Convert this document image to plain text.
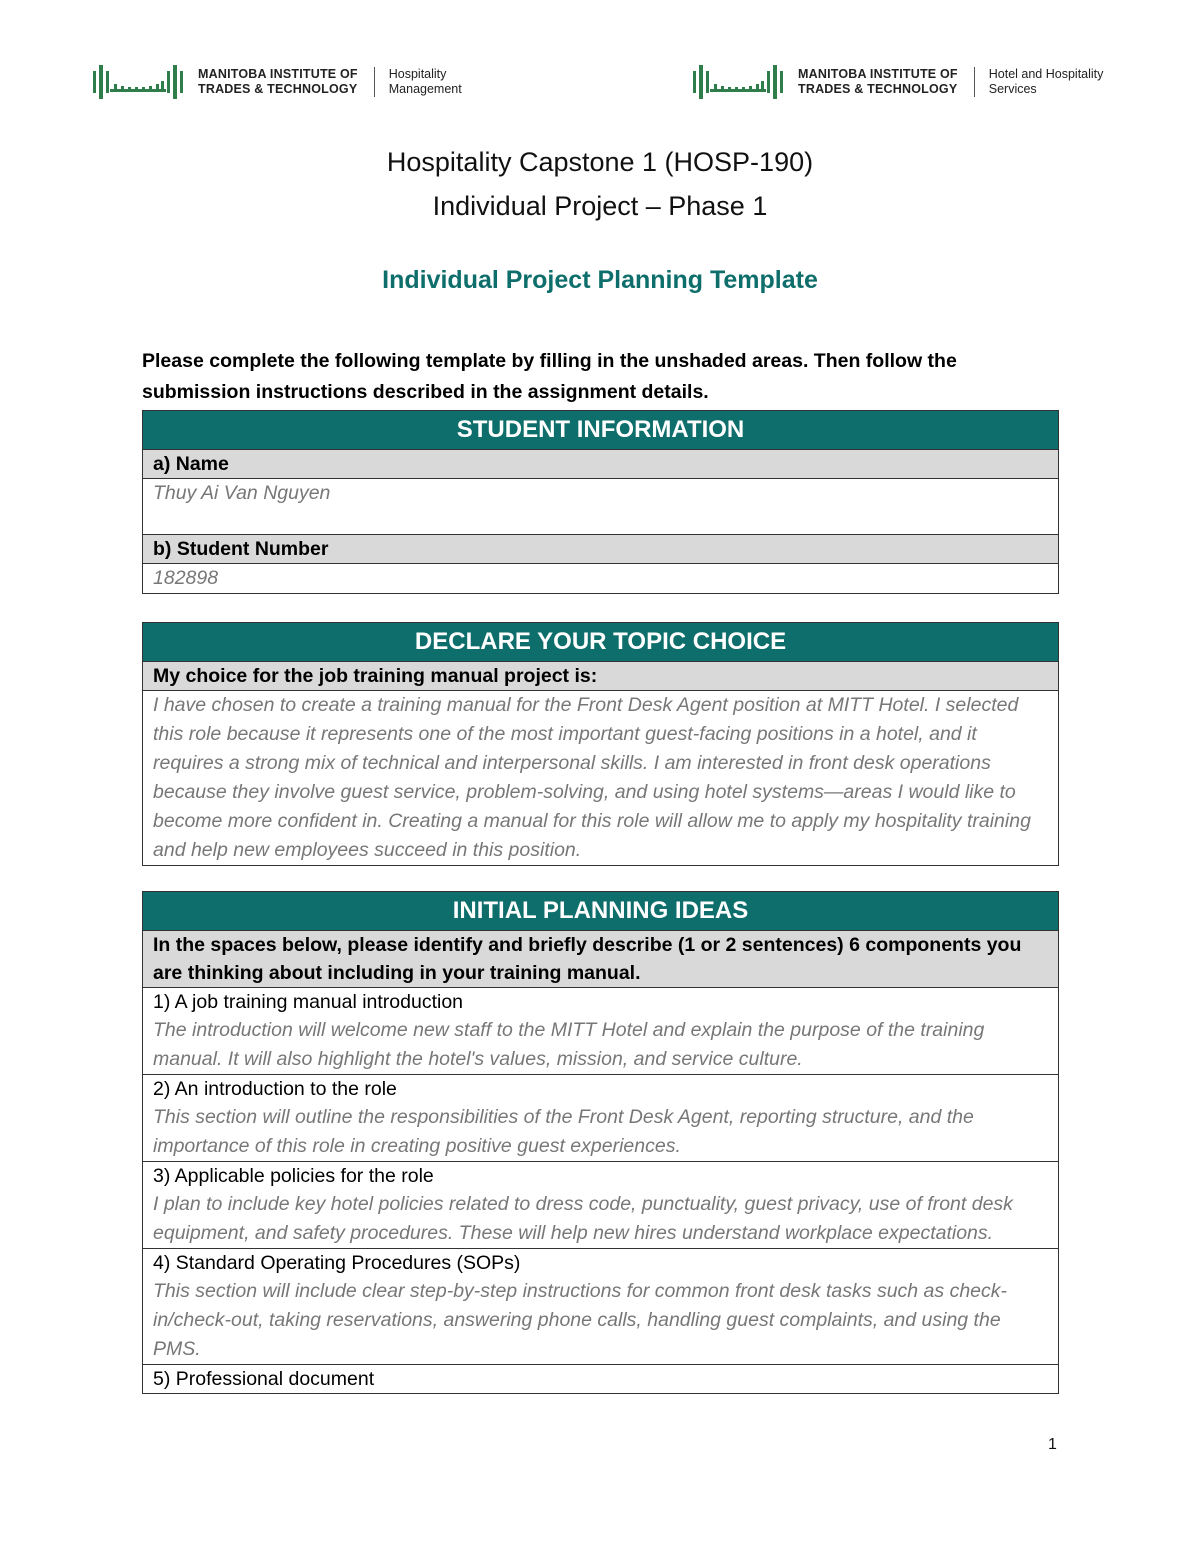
MANITOBA INSTITUTE OF
TRADES & TECHNOLOGY
Hospitality
Management
MANITOBA INSTITUTE OF
TRADES & TECHNOLOGY
Hotel and Hospitality
Services
Hospitality Capstone 1 (HOSP-190)
Individual Project – Phase 1
Individual Project Planning Template
Please complete the following template by filling in the unshaded areas. Then follow the submission instructions described in the assignment details.
STUDENT INFORMATION
a) Name
Thuy Ai Van Nguyen
b) Student Number
182898
DECLARE YOUR TOPIC CHOICE
My choice for the job training manual project is:
I have chosen to create a training manual for the Front Desk Agent position at MITT Hotel. I selected this role because it represents one of the most important guest-facing positions in a hotel, and it requires a strong mix of technical and interpersonal skills. I am interested in front desk operations because they involve guest service, problem-solving, and using hotel systems—areas I would like to become more confident in. Creating a manual for this role will allow me to apply my hospitality training and help new employees succeed in this position.
INITIAL PLANNING IDEAS
In the spaces below, please identify and briefly describe (1 or 2 sentences) 6 components you are thinking about including in your training manual.
1) A job training manual introduction
The introduction will welcome new staff to the MITT Hotel and explain the purpose of the training manual. It will also highlight the hotel's values, mission, and service culture.

2) An introduction to the role
This section will outline the responsibilities of the Front Desk Agent, reporting structure, and the importance of this role in creating positive guest experiences.

3) Applicable policies for the role
I plan to include key hotel policies related to dress code, punctuality, guest privacy, use of front desk equipment, and safety procedures. These will help new hires understand workplace expectations.

4) Standard Operating Procedures (SOPs)
This section will include clear step-by-step instructions for common front desk tasks such as check-in/check-out, taking reservations, answering phone calls, handling guest complaints, and using the PMS.

5) Professional document
1
